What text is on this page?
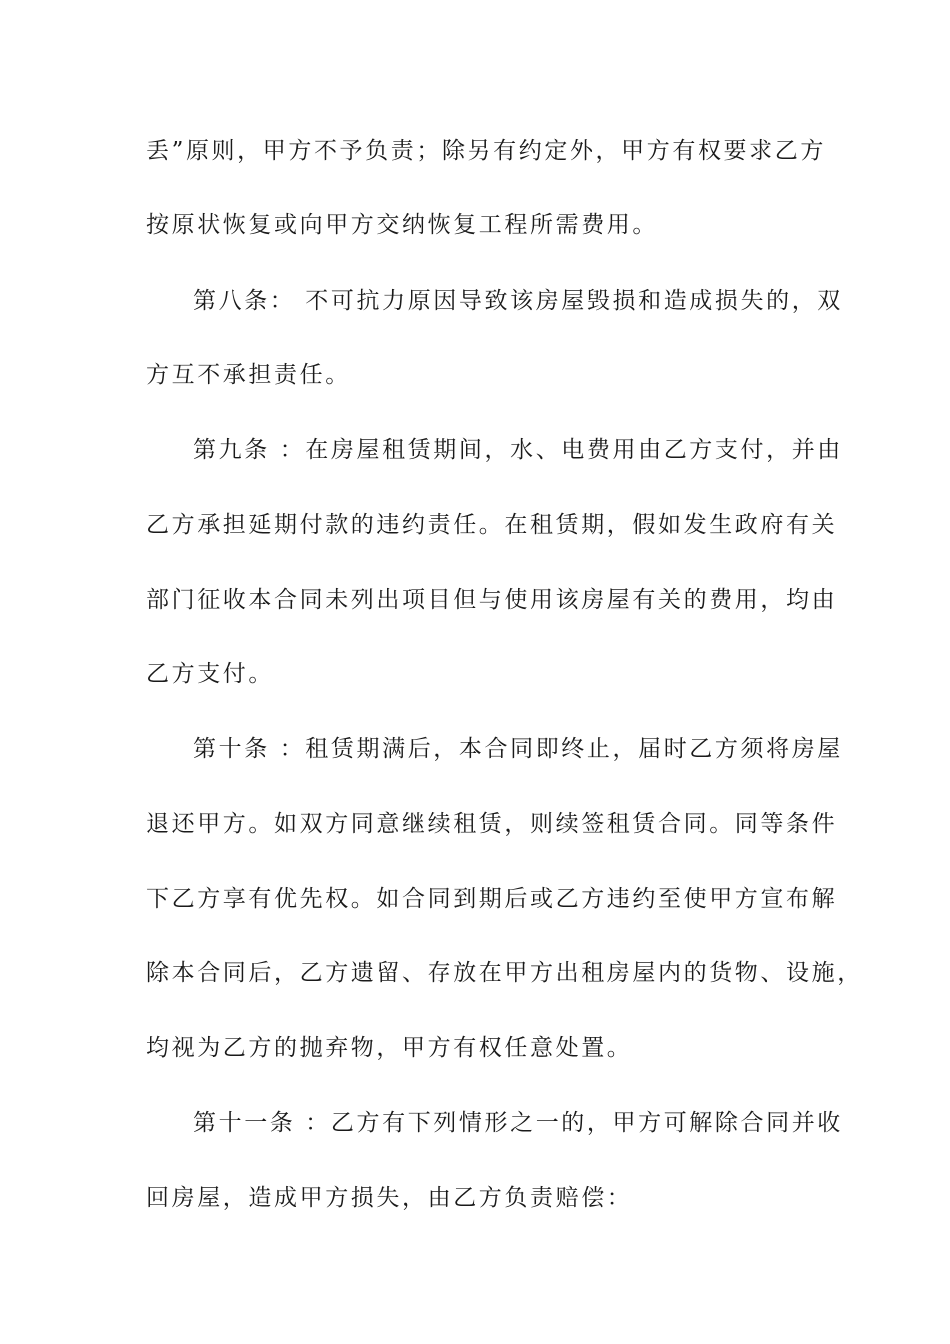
丢”原则，甲方不予负责；除另有约定外，甲方有权要求乙方
按原状恢复或向甲方交纳恢复工程所需费用。
第八条： 不可抗力原因导致该房屋毁损和造成损失的，双
方互不承担责任。
第九条 ：在房屋租赁期间，水、电费用由乙方支付，并由
乙方承担延期付款的违约责任。在租赁期，假如发生政府有关
部门征收本合同未列出项目但与使用该房屋有关的费用，均由
乙方支付。
第十条 ：租赁期满后，本合同即终止，届时乙方须将房屋
退还甲方。如双方同意继续租赁，则续签租赁合同。同等条件
下乙方享有优先权。如合同到期后或乙方违约至使甲方宣布解
除本合同后，乙方遗留、存放在甲方出租房屋内的货物、设施，
均视为乙方的抛弃物，甲方有权任意处置。
第十一条 ：乙方有下列情形之一的，甲方可解除合同并收
回房屋，造成甲方损失，由乙方负责赔偿：
